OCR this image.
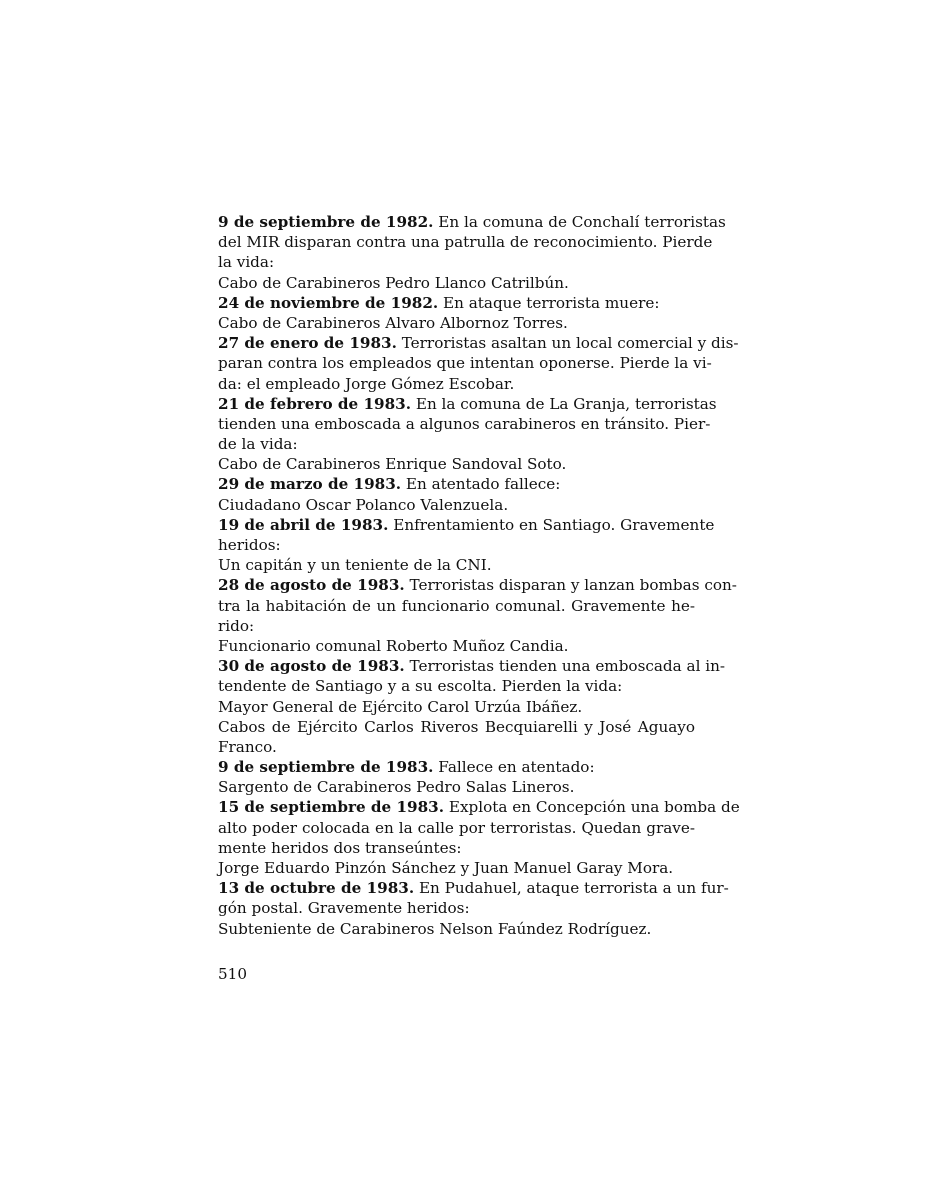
9 de septiembre de 1982. En la comuna de Conchalí terroristas
del MIR disparan contra una patrulla de reconocimiento. Pierde
la vida:
Cabo de Carabineros Pedro Llanco Catrilbún.
24 de noviembre de 1982. En ataque terrorista muere:
Cabo de Carabineros Alvaro Albornoz Torres.
27 de enero de 1983. Terroristas asaltan un local comercial y dis-
paran contra los empleados que intentan oponerse. Pierde la vi-
da: el empleado Jorge Gómez Escobar.
21 de febrero de 1983. En la comuna de La Granja, terroristas
tienden una emboscada a algunos carabineros en tránsito. Pier-
de la vida:
Cabo de Carabineros Enrique Sandoval Soto.
29 de marzo de 1983. En atentado fallece:
Ciudadano Oscar Polanco Valenzuela.
19 de abril de 1983. Enfrentamiento en Santiago. Gravemente
heridos:
Un capitán y un teniente de la CNI.
28 de agosto de 1983. Terroristas disparan y lanzan bombas con-
tra la habitación de un funcionario comunal. Gravemente he-
rido:
Funcionario comunal Roberto Muñoz Candia.
30 de agosto de 1983. Terroristas tienden una emboscada al in-
tendente de Santiago y a su escolta. Pierden la vida:
Mayor General de Ejército Carol Urzúa Ibáñez.
Cabos de Ejército Carlos Riveros Becquiarelli y José Aguayo
Franco.
9 de septiembre de 1983. Fallece en atentado:
Sargento de Carabineros Pedro Salas Lineros.
15 de septiembre de 1983. Explota en Concepción una bomba de
alto poder colocada en la calle por terroristas. Quedan grave-
mente heridos dos transeúntes:
Jorge Eduardo Pinzón Sánchez y Juan Manuel Garay Mora.
13 de octubre de 1983. En Pudahuel, ataque terrorista a un fur-
gón postal. Gravemente heridos:
Subteniente de Carabineros Nelson Faúndez Rodríguez.
510
